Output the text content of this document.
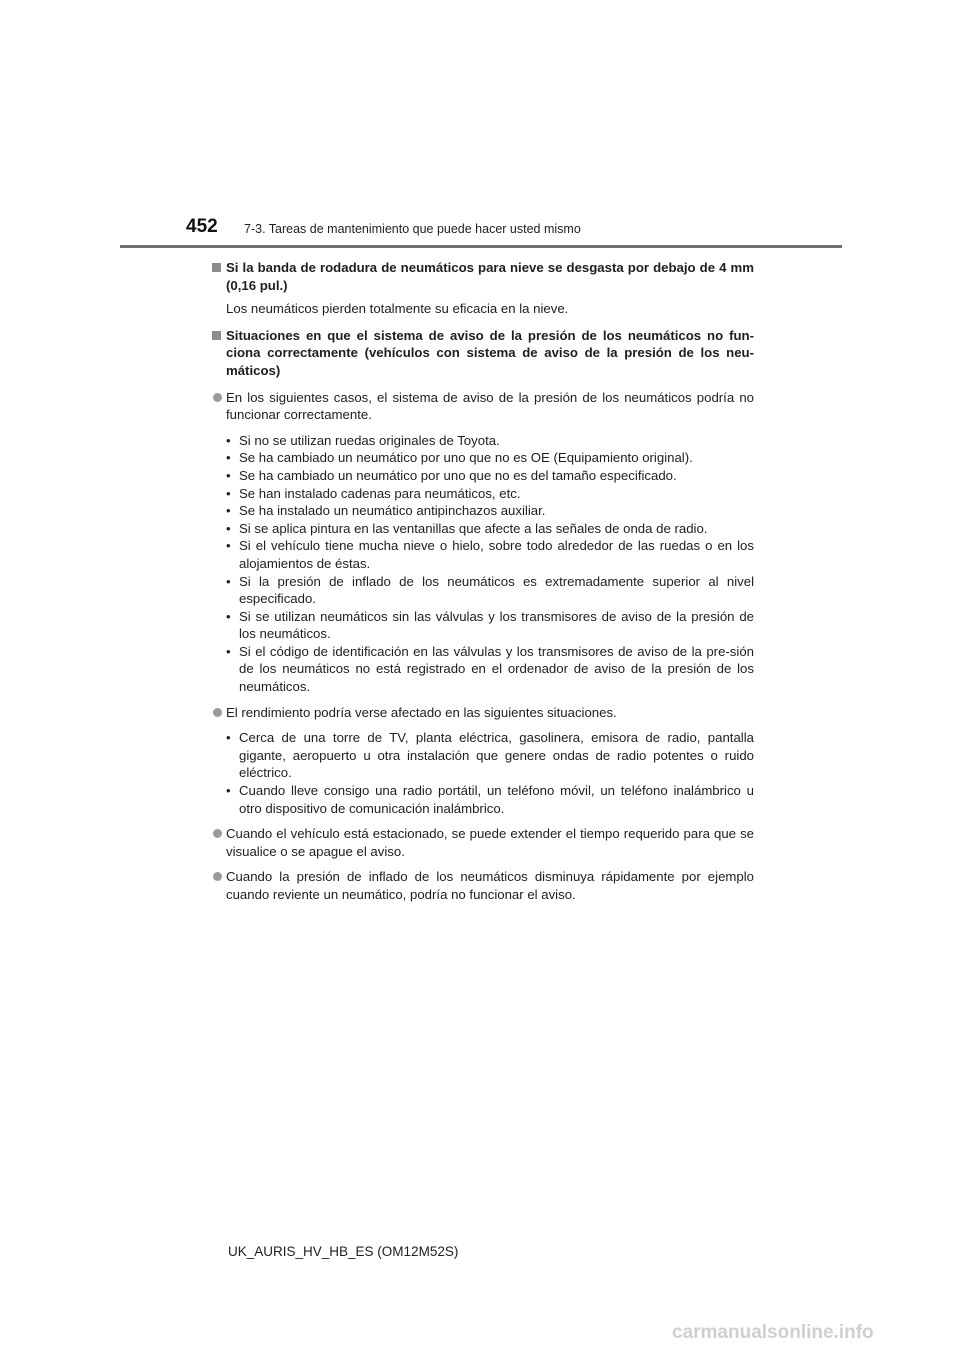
452 7-3. Tareas de mantenimiento que puede hacer usted mismo
Si la banda de rodadura de neumáticos para nieve se desgasta por debajo de 4 mm (0,16 pul.)
Los neumáticos pierden totalmente su eficacia en la nieve.
Situaciones en que el sistema de aviso de la presión de los neumáticos no fun-ciona correctamente (vehículos con sistema de aviso de la presión de los neu-máticos)
En los siguientes casos, el sistema de aviso de la presión de los neumáticos podría no funcionar correctamente.
• Si no se utilizan ruedas originales de Toyota.
• Se ha cambiado un neumático por uno que no es OE (Equipamiento original).
• Se ha cambiado un neumático por uno que no es del tamaño especificado.
• Se han instalado cadenas para neumáticos, etc.
• Se ha instalado un neumático antipinchazos auxiliar.
• Si se aplica pintura en las ventanillas que afecte a las señales de onda de radio.
• Si el vehículo tiene mucha nieve o hielo, sobre todo alrededor de las ruedas o en los alojamientos de éstas.
• Si la presión de inflado de los neumáticos es extremadamente superior al nivel especificado.
• Si se utilizan neumáticos sin las válvulas y los transmisores de aviso de la presión de los neumáticos.
• Si el código de identificación en las válvulas y los transmisores de aviso de la pre-sión de los neumáticos no está registrado en el ordenador de aviso de la presión de los neumáticos.
El rendimiento podría verse afectado en las siguientes situaciones.
• Cerca de una torre de TV, planta eléctrica, gasolinera, emisora de radio, pantalla gigante, aeropuerto u otra instalación que genere ondas de radio potentes o ruido eléctrico.
• Cuando lleve consigo una radio portátil, un teléfono móvil, un teléfono inalámbrico u otro dispositivo de comunicación inalámbrico.
Cuando el vehículo está estacionado, se puede extender el tiempo requerido para que se visualice o se apague el aviso.
Cuando la presión de inflado de los neumáticos disminuya rápidamente por ejemplo cuando reviente un neumático, podría no funcionar el aviso.
UK_AURIS_HV_HB_ES (OM12M52S)
carmanualsonline.info
